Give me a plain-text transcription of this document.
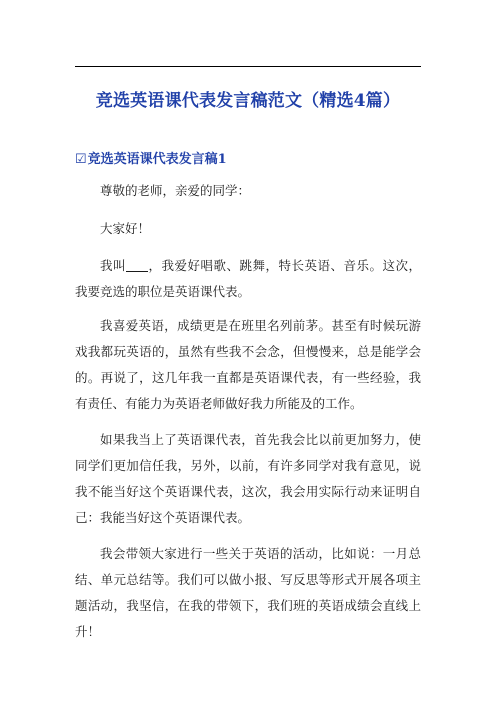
竞选英语课代表发言稿范文（精选4篇）
☑竞选英语课代表发言稿1

尊敬的老师，亲爱的同学：

大家好！

我叫 ，我爱好唱歌、跳舞，特长英语、音乐。这次，我要竞选的职位是英语课代表。

我喜爱英语，成绩更是在班里名列前茅。甚至有时候玩游戏我都玩英语的，虽然有些我不会念，但慢慢来，总是能学会的。再说了，这几年我一直都是英语课代表，有一些经验，我有责任、有能力为英语老师做好我力所能及的工作。

如果我当上了英语课代表，首先我会比以前更加努力，使同学们更加信任我，另外，以前，有许多同学对我有意见，说我不能当好这个英语课代表，这次，我会用实际行动来证明自己：我能当好这个英语课代表。

我会带领大家进行一些关于英语的活动，比如说：一月总结、单元总结等。我们可以做小报、写反思等形式开展各项主题活动，我坚信，在我的带领下，我们班的英语成绩会直线上升！
